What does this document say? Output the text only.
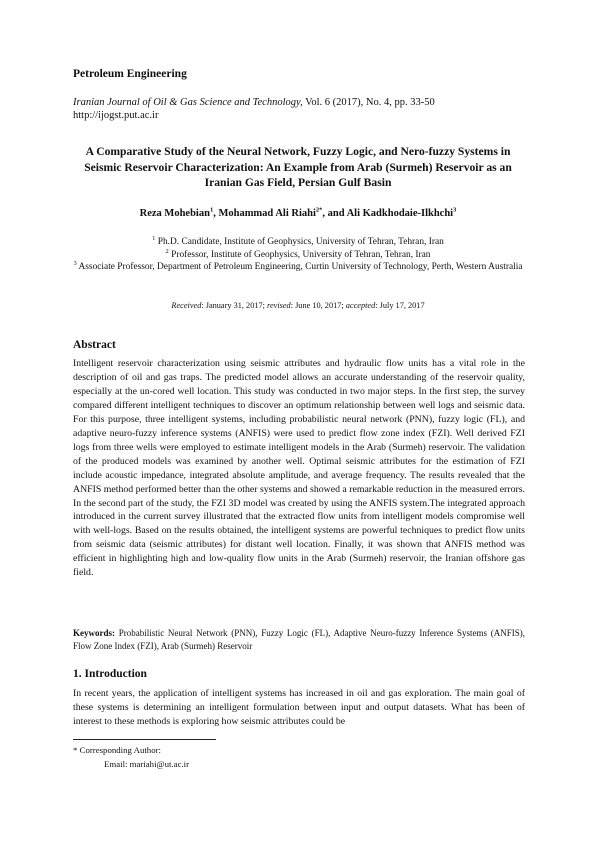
Petroleum Engineering
Iranian Journal of Oil & Gas Science and Technology, Vol. 6 (2017), No. 4, pp. 33-50
http://ijogst.put.ac.ir
A Comparative Study of the Neural Network, Fuzzy Logic, and Nero-fuzzy Systems in Seismic Reservoir Characterization: An Example from Arab (Surmeh) Reservoir as an Iranian Gas Field, Persian Gulf Basin
Reza Mohebian$^1$, Mohammad Ali Riahi$^{2*}$, and Ali Kadkhodaie-Ilkhchi$^3$
$^1$ Ph.D. Candidate, Institute of Geophysics, University of Tehran, Tehran, Iran
$^2$ Professor, Institute of Geophysics, University of Tehran, Tehran, Iran
$^3$ Associate Professor, Department of Petroleum Engineering, Curtin University of Technology, Perth, Western Australia
Received: January 31, 2017; revised: June 10, 2017; accepted: July 17, 2017
Abstract
Intelligent reservoir characterization using seismic attributes and hydraulic flow units has a vital role in the description of oil and gas traps. The predicted model allows an accurate understanding of the reservoir quality, especially at the un-cored well location. This study was conducted in two major steps. In the first step, the survey compared different intelligent techniques to discover an optimum relationship between well logs and seismic data. For this purpose, three intelligent systems, including probabilistic neural network (PNN), fuzzy logic (FL), and adaptive neuro-fuzzy inference systems (ANFIS) were used to predict flow zone index (FZI). Well derived FZI logs from three wells were employed to estimate intelligent models in the Arab (Surmeh) reservoir. The validation of the produced models was examined by another well. Optimal seismic attributes for the estimation of FZI include acoustic impedance, integrated absolute amplitude, and average frequency. The results revealed that the ANFIS method performed better than the other systems and showed a remarkable reduction in the measured errors. In the second part of the study, the FZI 3D model was created by using the ANFIS system.The integrated approach introduced in the current survey illustrated that the extracted flow units from intelligent models compromise well with well-logs. Based on the results obtained, the intelligent systems are powerful techniques to predict flow units from seismic data (seismic attributes) for distant well location. Finally, it was shown that ANFIS method was efficient in highlighting high and low-quality flow units in the Arab (Surmeh) reservoir, the Iranian offshore gas field.
Keywords: Probabilistic Neural Network (PNN), Fuzzy Logic (FL), Adaptive Neuro-fuzzy Inference Systems (ANFIS), Flow Zone Index (FZI), Arab (Surmeh) Reservoir
1. Introduction
In recent years, the application of intelligent systems has increased in oil and gas exploration. The main goal of these systems is determining an intelligent formulation between input and output datasets. What has been of interest to these methods is exploring how seismic attributes could be
* Corresponding Author:
Email: mariahi@ut.ac.ir
